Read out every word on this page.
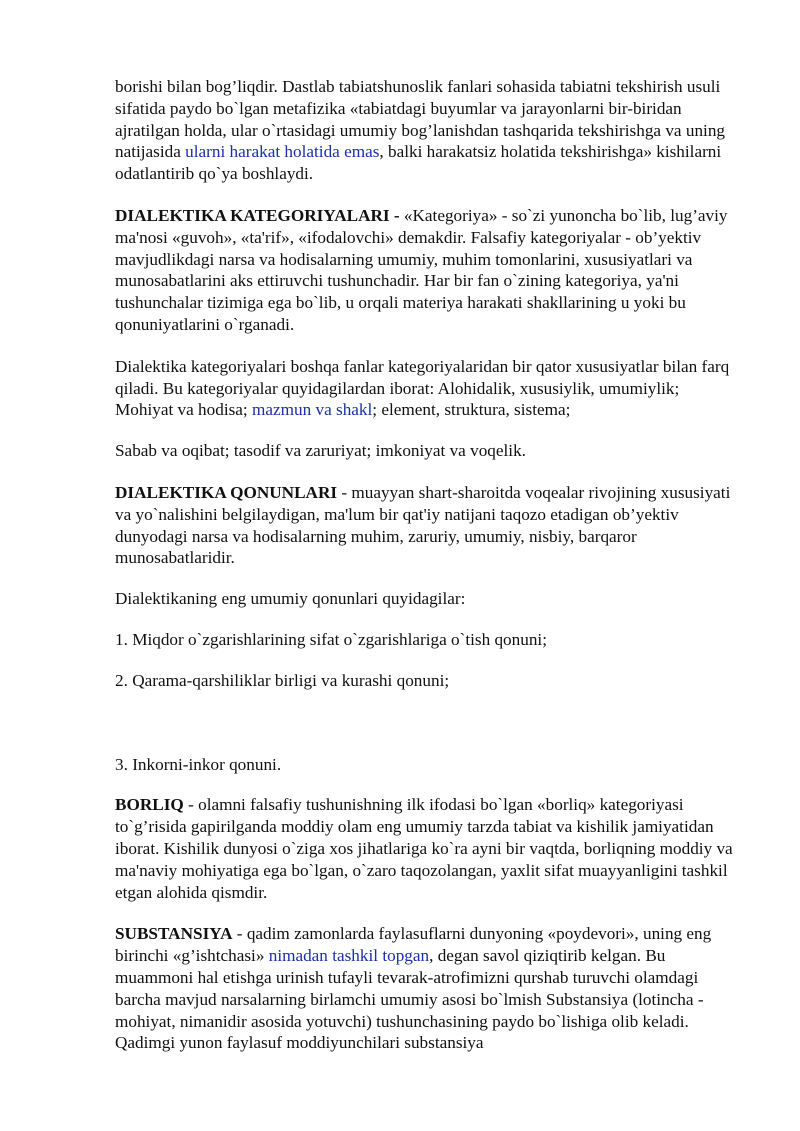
borishi bilan bog’liqdir. Dastlab tabiatshunoslik fanlari sohasida tabiatni tekshirish usuli sifatida paydo bo`lgan metafizika «tabiatdagi buyumlar va jarayonlarni bir-biridan ajratilgan holda, ular o`rtasidagi umumiy bog’lanishdan tashqarida tekshirishga va uning natijasida ularni harakat holatida emas, balki harakatsiz holatida tekshirishga» kishilarni odatlantirib qo`ya boshlaydi.

DIALEKTIKA KATEGORIYALARI - «Kategoriya» - so`zi yunoncha bo`lib, lug’aviy ma'nosi «guvoh», «ta'rif», «ifodalovchi» demakdir. Falsafiy kategoriyalar - ob’yektiv mavjudlikdagi narsa va hodisalarning umumiy, muhim tomonlarini, xususiyatlari va munosabatlarini aks ettiruvchi tushunchadir. Har bir fan o`zining kategoriya, ya'ni tushunchalar tizimiga ega bo`lib, u orqali materiya harakati shakllarining u yoki bu qonuniyatlarini o`rganadi.

Dialektika kategoriyalari boshqa fanlar kategoriyalaridan bir qator xususiyatlar bilan farq qiladi. Bu kategoriyalar quyidagilardan iborat: Alohidalik, xususiylik, umumiylik; Mohiyat va hodisa; mazmun va shakl; element, struktura, sistema;

Sabab va oqibat; tasodif va zaruriyat; imkoniyat va voqelik.

DIALEKTIKA QONUNLARI - muayyan shart-sharoitda voqealar rivojining xususiyati va yo`nalishini belgilaydigan, ma'lum bir qat'iy natijani taqozo etadigan ob’yektiv dunyodagi narsa va hodisalarning muhim, zaruriy, umumiy, nisbiy, barqaror munosabatlaridir.

Dialektikaning eng umumiy qonunlari quyidagilar:

1. Miqdor o`zgarishlarining sifat o`zgarishlariga o`tish qonuni;

2. Qarama-qarshiliklar birligi va kurashi qonuni;

3. Inkorni-inkor qonuni.

BORLIQ - olamni falsafiy tushunishning ilk ifodasi bo`lgan «borliq» kategoriyasi to`g’risida gapirilganda moddiy olam eng umumiy tarzda tabiat va kishilik jamiyatidan iborat. Kishilik dunyosi o`ziga xos jihatlariga ko`ra ayni bir vaqtda, borliqning moddiy va ma'naviy mohiyatiga ega bo`lgan, o`zaro taqozolangan, yaxlit sifat muayyanligini tashkil etgan alohida qismdir.

SUBSTANSIYA - qadim zamonlarda faylasuflarni dunyoning «poydevori», uning eng birinchi «g’ishtchasi» nimadan tashkil topgan, degan savol qiziqtirib kelgan. Bu muammoni hal etishga urinish tufayli tevarak-atrofimizni qurshab turuvchi olamdagi barcha mavjud narsalarning birlamchi umumiy asosi bo`lmish Substansiya (lotincha - mohiyat, nimanidir asosida yotuvchi) tushunchasining paydo bo`lishiga olib keladi. Qadimgi yunon faylasuf moddiyunchilari substansiya
